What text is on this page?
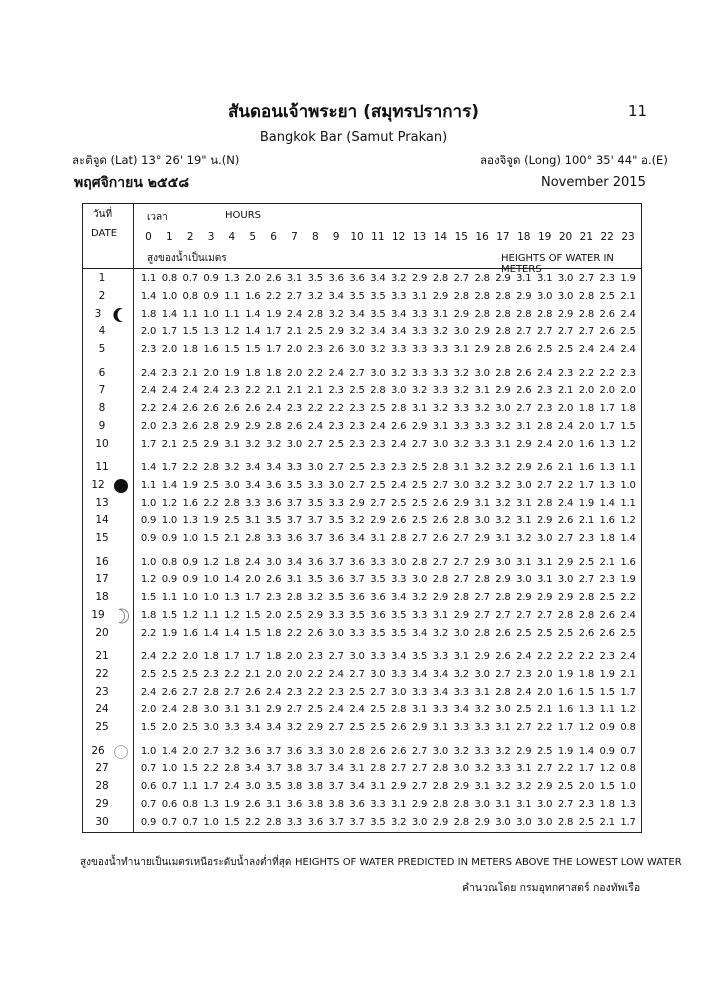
สันดอนเจ้าพระยา (สมุทรปราการ)	11
Bangkok Bar (Samut Prakan)
ละติจูด (Lat) 13° 26' 19" น.(N)	ลองจิจูด (Long) 100° 35' 44" อ.(E)
พฤศจิกายน ๒๕๕๘	November 2015
วันที่
DATE
เวลา	HOURS
สูงของน้ำเป็นเมตร	HEIGHTS OF WATER IN METERS
0	1	2	3	4	5	6	7	8	9	10 11 12 13 14 15 16 17 18 19 20 21 22 23
1	1.1 0.8 0.7 0.9 1.3 2.0 2.6 3.1 3.5 3.6 3.6 3.4 3.2 2.9 2.8 2.7 2.8 2.9 3.1 3.1 3.0 2.7 2.3 1.9
2	1.4 1.0 0.8 0.9 1.1 1.6 2.2 2.7 3.2 3.4 3.5 3.5 3.3 3.1 2.9 2.8 2.8 2.8 2.9 3.0 3.0 2.8 2.5 2.1
3	1.8 1.4 1.1 1.0 1.1 1.4 1.9 2.4 2.8 3.2 3.4 3.5 3.4 3.3 3.1 2.9 2.8 2.8 2.8 2.8 2.9 2.8 2.6 2.4
4	2.0 1.7 1.5 1.3 1.2 1.4 1.7 2.1 2.5 2.9 3.2 3.4 3.4 3.3 3.2 3.0 2.9 2.8 2.7 2.7 2.7 2.7 2.6 2.5
5	2.3 2.0 1.8 1.6 1.5 1.5 1.7 2.0 2.3 2.6 3.0 3.2 3.3 3.3 3.3 3.1 2.9 2.8 2.6 2.5 2.5 2.4 2.4 2.4
6	2.4 2.3 2.1 2.0 1.9 1.8 1.8 2.0 2.2 2.4 2.7 3.0 3.2 3.3 3.3 3.2 3.0 2.8 2.6 2.4 2.3 2.2 2.2 2.3
7	2.4 2.4 2.4 2.4 2.3 2.2 2.1 2.1 2.1 2.3 2.5 2.8 3.0 3.2 3.3 3.2 3.1 2.9 2.6 2.3 2.1 2.0 2.0 2.0
8	2.2 2.4 2.6 2.6 2.6 2.6 2.4 2.3 2.2 2.2 2.3 2.5 2.8 3.1 3.2 3.3 3.2 3.0 2.7 2.3 2.0 1.8 1.7 1.8
9	2.0 2.3 2.6 2.8 2.9 2.9 2.8 2.6 2.4 2.3 2.3 2.4 2.6 2.9 3.1 3.3 3.3 3.2 3.1 2.8 2.4 2.0 1.7 1.5
10	1.7 2.1 2.5 2.9 3.1 3.2 3.2 3.0 2.7 2.5 2.3 2.3 2.4 2.7 3.0 3.2 3.3 3.1 2.9 2.4 2.0 1.6 1.3 1.2
11	1.4 1.7 2.2 2.8 3.2 3.4 3.4 3.3 3.0 2.7 2.5 2.3 2.3 2.5 2.8 3.1 3.2 3.2 2.9 2.6 2.1 1.6 1.3 1.1
12	1.1 1.4 1.9 2.5 3.0 3.4 3.6 3.5 3.3 3.0 2.7 2.5 2.4 2.5 2.7 3.0 3.2 3.2 3.0 2.7 2.2 1.7 1.3 1.0
13	1.0 1.2 1.6 2.2 2.8 3.3 3.6 3.7 3.5 3.3 2.9 2.7 2.5 2.5 2.6 2.9 3.1 3.2 3.1 2.8 2.4 1.9 1.4 1.1
14	0.9 1.0 1.3 1.9 2.5 3.1 3.5 3.7 3.7 3.5 3.2 2.9 2.6 2.5 2.6 2.8 3.0 3.2 3.1 2.9 2.6 2.1 1.6 1.2
15	0.9 0.9 1.0 1.5 2.1 2.8 3.3 3.6 3.7 3.6 3.4 3.1 2.8 2.7 2.6 2.7 2.9 3.1 3.2 3.0 2.7 2.3 1.8 1.4
16	1.0 0.8 0.9 1.2 1.8 2.4 3.0 3.4 3.6 3.7 3.6 3.3 3.0 2.8 2.7 2.7 2.9 3.0 3.1 3.1 2.9 2.5 2.1 1.6
17	1.2 0.9 0.9 1.0 1.4 2.0 2.6 3.1 3.5 3.6 3.7 3.5 3.3 3.0 2.8 2.7 2.8 2.9 3.0 3.1 3.0 2.7 2.3 1.9
18	1.5 1.1 1.0 1.0 1.3 1.7 2.3 2.8 3.2 3.5 3.6 3.6 3.4 3.2 2.9 2.8 2.7 2.8 2.9 2.9 2.9 2.8 2.5 2.2
19	1.8 1.5 1.2 1.1 1.2 1.5 2.0 2.5 2.9 3.3 3.5 3.6 3.5 3.3 3.1 2.9 2.7 2.7 2.7 2.7 2.8 2.8 2.6 2.4
20	2.2 1.9 1.6 1.4 1.4 1.5 1.8 2.2 2.6 3.0 3.3 3.5 3.5 3.4 3.2 3.0 2.8 2.6 2.5 2.5 2.5 2.6 2.6 2.5
21	2.4 2.2 2.0 1.8 1.7 1.7 1.8 2.0 2.3 2.7 3.0 3.3 3.4 3.5 3.3 3.1 2.9 2.6 2.4 2.2 2.2 2.2 2.3 2.4
22	2.5 2.5 2.5 2.3 2.2 2.1 2.0 2.0 2.2 2.4 2.7 3.0 3.3 3.4 3.4 3.2 3.0 2.7 2.3 2.0 1.9 1.8 1.9 2.1
23	2.4 2.6 2.7 2.8 2.7 2.6 2.4 2.3 2.2 2.3 2.5 2.7 3.0 3.3 3.4 3.3 3.1 2.8 2.4 2.0 1.6 1.5 1.5 1.7
24	2.0 2.4 2.8 3.0 3.1 3.1 2.9 2.7 2.5 2.4 2.4 2.5 2.8 3.1 3.3 3.4 3.2 3.0 2.5 2.1 1.6 1.3 1.1 1.2
25	1.5 2.0 2.5 3.0 3.3 3.4 3.4 3.2 2.9 2.7 2.5 2.5 2.6 2.9 3.1 3.3 3.3 3.1 2.7 2.2 1.7 1.2 0.9 0.8
26	1.0 1.4 2.0 2.7 3.2 3.6 3.7 3.6 3.3 3.0 2.8 2.6 2.6 2.7 3.0 3.2 3.3 3.2 2.9 2.5 1.9 1.4 0.9 0.7
27	0.7 1.0 1.5 2.2 2.8 3.4 3.7 3.8 3.7 3.4 3.1 2.8 2.7 2.7 2.8 3.0 3.2 3.3 3.1 2.7 2.2 1.7 1.2 0.8
28	0.6 0.7 1.1 1.7 2.4 3.0 3.5 3.8 3.8 3.7 3.4 3.1 2.9 2.7 2.8 2.9 3.1 3.2 3.2 2.9 2.5 2.0 1.5 1.0
29	0.7 0.6 0.8 1.3 1.9 2.6 3.1 3.6 3.8 3.8 3.6 3.3 3.1 2.9 2.8 2.8 3.0 3.1 3.1 3.0 2.7 2.3 1.8 1.3
30	0.9 0.7 0.7 1.0 1.5 2.2 2.8 3.3 3.6 3.7 3.7 3.5 3.2 3.0 2.9 2.8 2.9 3.0 3.0 3.0 2.8 2.5 2.1 1.7
สูงของน้ำทำนายเป็นเมตรเหนือระดับน้ำลงต่ำที่สุด HEIGHTS OF WATER PREDICTED IN METERS ABOVE THE LOWEST LOW WATER
คำนวณโดย กรมอุทกศาสตร์ กองทัพเรือ
